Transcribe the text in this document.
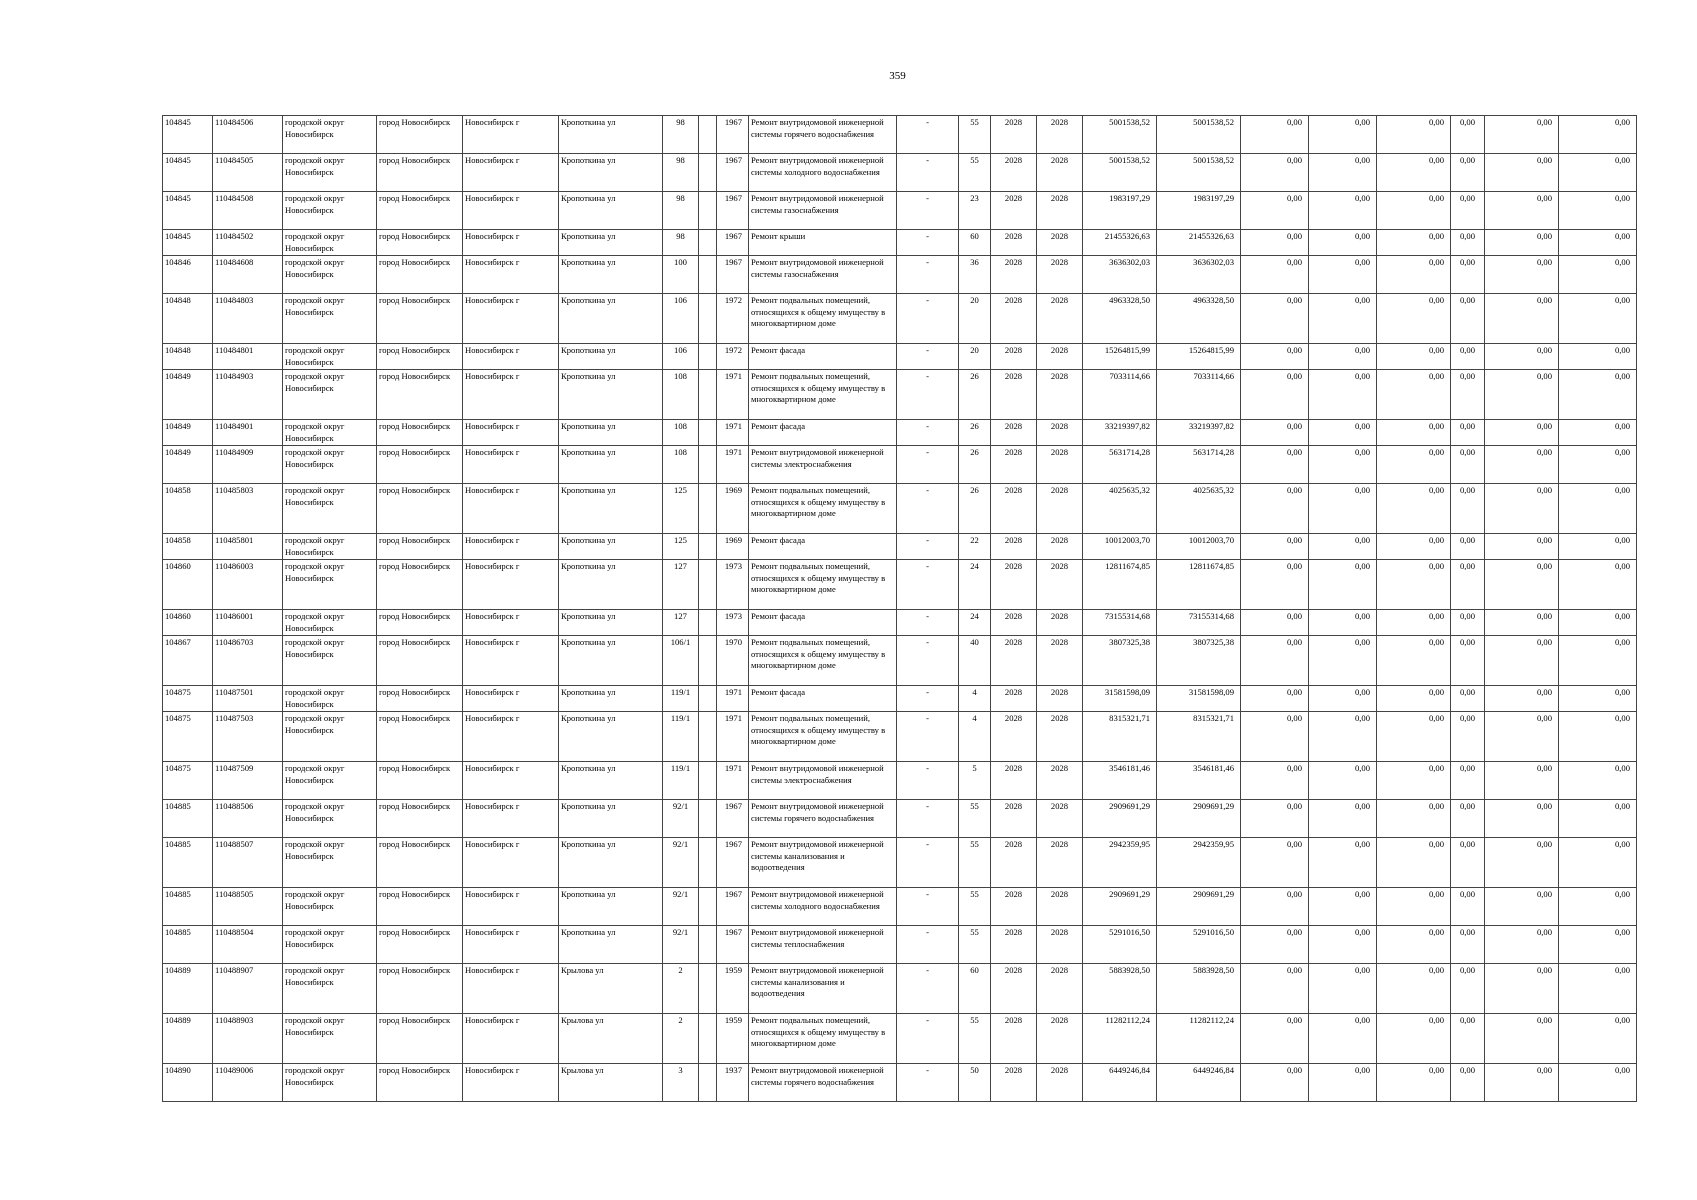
359
104845	110484506	городской округ Новосибирск	город Новосибирск	Новосибирск г	Кропоткина ул	98		1967	Ремонт внутридомовой инженерной системы горячего водоснабжения	-	55	2028	2028	5001538,52	5001538,52	0,00	0,00	0,00	0,00	0,00	0,00
104845	110484505	городской округ Новосибирск	город Новосибирск	Новосибирск г	Кропоткина ул	98		1967	Ремонт внутридомовой инженерной системы холодного водоснабжения	-	55	2028	2028	5001538,52	5001538,52	0,00	0,00	0,00	0,00	0,00	0,00
104845	110484508	городской округ Новосибирск	город Новосибирск	Новосибирск г	Кропоткина ул	98		1967	Ремонт внутридомовой инженерной системы газоснабжения	-	23	2028	2028	1983197,29	1983197,29	0,00	0,00	0,00	0,00	0,00	0,00
104845	110484502	городской округ Новосибирск	город Новосибирск	Новосибирск г	Кропоткина ул	98		1967	Ремонт крыши	-	60	2028	2028	21455326,63	21455326,63	0,00	0,00	0,00	0,00	0,00	0,00
104846	110484608	городской округ Новосибирск	город Новосибирск	Новосибирск г	Кропоткина ул	100		1967	Ремонт внутридомовой инженерной системы газоснабжения	-	36	2028	2028	3636302,03	3636302,03	0,00	0,00	0,00	0,00	0,00	0,00
104848	110484803	городской округ Новосибирск	город Новосибирск	Новосибирск г	Кропоткина ул	106		1972	Ремонт подвальных помещений, относящихся к общему имуществу в многоквартирном доме	-	20	2028	2028	4963328,50	4963328,50	0,00	0,00	0,00	0,00	0,00	0,00
104848	110484801	городской округ Новосибирск	город Новосибирск	Новосибирск г	Кропоткина ул	106		1972	Ремонт фасада	-	20	2028	2028	15264815,99	15264815,99	0,00	0,00	0,00	0,00	0,00	0,00
104849	110484903	городской округ Новосибирск	город Новосибирск	Новосибирск г	Кропоткина ул	108		1971	Ремонт подвальных помещений, относящихся к общему имуществу в многоквартирном доме	-	26	2028	2028	7033114,66	7033114,66	0,00	0,00	0,00	0,00	0,00	0,00
104849	110484901	городской округ Новосибирск	город Новосибирск	Новосибирск г	Кропоткина ул	108		1971	Ремонт фасада	-	26	2028	2028	33219397,82	33219397,82	0,00	0,00	0,00	0,00	0,00	0,00
104849	110484909	городской округ Новосибирск	город Новосибирск	Новосибирск г	Кропоткина ул	108		1971	Ремонт внутридомовой инженерной системы электроснабжения	-	26	2028	2028	5631714,28	5631714,28	0,00	0,00	0,00	0,00	0,00	0,00
104858	110485803	городской округ Новосибирск	город Новосибирск	Новосибирск г	Кропоткина ул	125		1969	Ремонт подвальных помещений, относящихся к общему имуществу в многоквартирном доме	-	26	2028	2028	4025635,32	4025635,32	0,00	0,00	0,00	0,00	0,00	0,00
104858	110485801	городской округ Новосибирск	город Новосибирск	Новосибирск г	Кропоткина ул	125		1969	Ремонт фасада	-	22	2028	2028	10012003,70	10012003,70	0,00	0,00	0,00	0,00	0,00	0,00
104860	110486003	городской округ Новосибирск	город Новосибирск	Новосибирск г	Кропоткина ул	127		1973	Ремонт подвальных помещений, относящихся к общему имуществу в многоквартирном доме	-	24	2028	2028	12811674,85	12811674,85	0,00	0,00	0,00	0,00	0,00	0,00
104860	110486001	городской округ Новосибирск	город Новосибирск	Новосибирск г	Кропоткина ул	127		1973	Ремонт фасада	-	24	2028	2028	73155314,68	73155314,68	0,00	0,00	0,00	0,00	0,00	0,00
104867	110486703	городской округ Новосибирск	город Новосибирск	Новосибирск г	Кропоткина ул	106/1		1970	Ремонт подвальных помещений, относящихся к общему имуществу в многоквартирном доме	-	40	2028	2028	3807325,38	3807325,38	0,00	0,00	0,00	0,00	0,00	0,00
104875	110487501	городской округ Новосибирск	город Новосибирск	Новосибирск г	Кропоткина ул	119/1		1971	Ремонт фасада	-	4	2028	2028	31581598,09	31581598,09	0,00	0,00	0,00	0,00	0,00	0,00
104875	110487503	городской округ Новосибирск	город Новосибирск	Новосибирск г	Кропоткина ул	119/1		1971	Ремонт подвальных помещений, относящихся к общему имуществу в многоквартирном доме	-	4	2028	2028	8315321,71	8315321,71	0,00	0,00	0,00	0,00	0,00	0,00
104875	110487509	городской округ Новосибирск	город Новосибирск	Новосибирск г	Кропоткина ул	119/1		1971	Ремонт внутридомовой инженерной системы электроснабжения	-	5	2028	2028	3546181,46	3546181,46	0,00	0,00	0,00	0,00	0,00	0,00
104885	110488506	городской округ Новосибирск	город Новосибирск	Новосибирск г	Кропоткина ул	92/1		1967	Ремонт внутридомовой инженерной системы горячего водоснабжения	-	55	2028	2028	2909691,29	2909691,29	0,00	0,00	0,00	0,00	0,00	0,00
104885	110488507	городской округ Новосибирск	город Новосибирск	Новосибирск г	Кропоткина ул	92/1		1967	Ремонт внутридомовой инженерной системы канализования и водоотведения	-	55	2028	2028	2942359,95	2942359,95	0,00	0,00	0,00	0,00	0,00	0,00
104885	110488505	городской округ Новосибирск	город Новосибирск	Новосибирск г	Кропоткина ул	92/1		1967	Ремонт внутридомовой инженерной системы холодного водоснабжения	-	55	2028	2028	2909691,29	2909691,29	0,00	0,00	0,00	0,00	0,00	0,00
104885	110488504	городской округ Новосибирск	город Новосибирск	Новосибирск г	Кропоткина ул	92/1		1967	Ремонт внутридомовой инженерной системы теплоснабжения	-	55	2028	2028	5291016,50	5291016,50	0,00	0,00	0,00	0,00	0,00	0,00
104889	110488907	городской округ Новосибирск	город Новосибирск	Новосибирск г	Крылова ул	2		1959	Ремонт внутридомовой инженерной системы канализования и водоотведения	-	60	2028	2028	5883928,50	5883928,50	0,00	0,00	0,00	0,00	0,00	0,00
104889	110488903	городской округ Новосибирск	город Новосибирск	Новосибирск г	Крылова ул	2		1959	Ремонт подвальных помещений, относящихся к общему имуществу в многоквартирном доме	-	55	2028	2028	11282112,24	11282112,24	0,00	0,00	0,00	0,00	0,00	0,00
104890	110489006	городской округ Новосибирск	город Новосибирск	Новосибирск г	Крылова ул	3		1937	Ремонт внутридомовой инженерной системы горячего водоснабжения	-	50	2028	2028	6449246,84	6449246,84	0,00	0,00	0,00	0,00	0,00	0,00
